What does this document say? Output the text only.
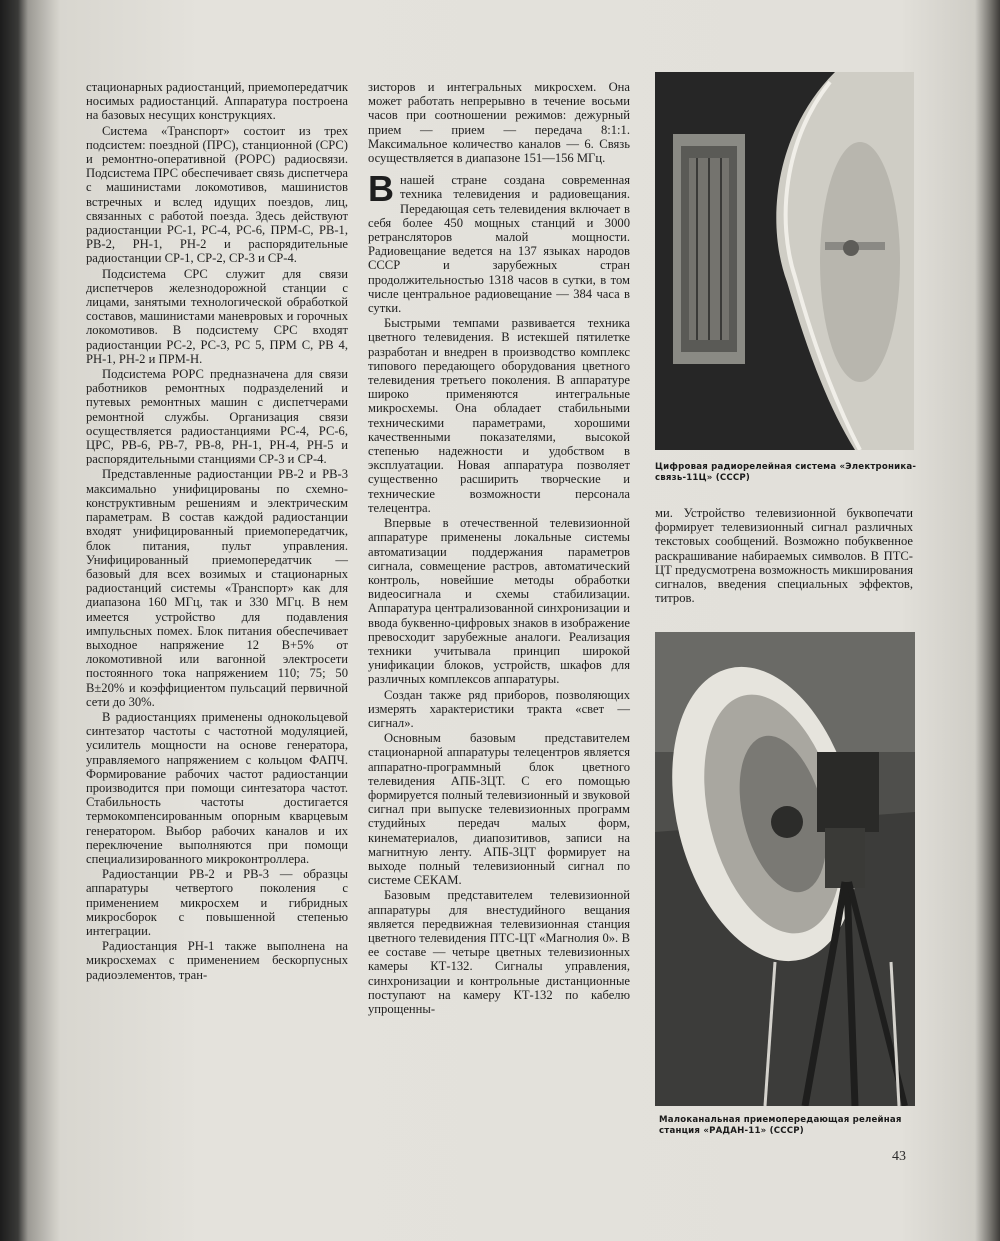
стационарных радиостанций, приемопередатчик носимых радиостанций. Аппаратура построена на базовых несущих конструкциях.

Система «Транспорт» состоит из трех подсистем: поездной (ПРС), станционной (СРС) и ремонтно-оперативной (РОРС) радиосвязи. Подсистема ПРС обеспечивает связь диспетчера с машинистами локомотивов, машинистов встречных и вслед идущих поездов, лиц, связанных с работой поезда. Здесь действуют радиостанции РС-1, РС-4, РС-6, ПРМ-С, РВ-1, РВ-2, РН-1, РН-2 и распорядительные радиостанции СР-1, СР-2, СР-3 и СР-4.

Подсистема СРС служит для связи диспетчеров железнодорожной станции с лицами, занятыми технологической обработкой составов, машинистами маневровых и горочных локомотивов. В подсистему СРС входят радиостанции РС-2, РС-3, РС 5, ПРМ С, РВ 4, РН-1, РН-2 и ПРМ-Н.

Подсистема РОРС предназначена для связи работников ремонтных подразделений и путевых ремонтных машин с диспетчерами ремонтной службы. Организация связи осуществляется радиостанциями РС-4, РС-6, ЦРС, РВ-6, РВ-7, РВ-8, РН-1, РН-4, РН-5 и распорядительными станциями СР-3 и СР-4.

Представленные радиостанции РВ-2 и РВ-3 максимально унифицированы по схемно-конструктивным решениям и электрическим параметрам. В состав каждой радиостанции входят унифицированный приемопередатчик, блок питания, пульт управления. Унифицированный приемопередатчик — базовый для всех возимых и стационарных радиостанций системы «Транспорт» как для диапазона 160 МГц, так и 330 МГц. В нем имеется устройство для подавления импульсных помех. Блок питания обеспечивает выходное напряжение 12 В+5% от локомотивной или вагонной электросети постоянного тока напряжением 110; 75; 50 В±20% и коэффициентом пульсаций первичной сети до 30%.

В радиостанциях применены однокольцевой синтезатор частоты с частотной модуляцией, усилитель мощности на основе генератора, управляемого напряжением с кольцом ФАПЧ. Формирование рабочих частот радиостанции производится при помощи синтезатора частот. Стабильность частоты достигается термокомпенсированным опорным кварцевым генератором. Выбор рабочих каналов и их переключение выполняются при помощи специализированного микроконтроллера.

Радиостанции РВ-2 и РВ-3 — образцы аппаратуры четвертого поколения с применением микросхем и гибридных микросборок с повышенной степенью интеграции.

Радиостанция РН-1 также выполнена на микросхемах с применением бескорпусных радиоэлементов, тран-

зисторов и интегральных микросхем. Она может работать непрерывно в течение восьми часов при соотношении режимов: дежурный прием — прием — передача 8:1:1. Максимальное количество каналов — 6. Связь осуществляется в диапазоне 151—156 МГц.

Внашей стране создана современная техника телевидения и радиовещания. Передающая сеть телевидения включает в себя более 450 мощных станций и 3000 ретрансляторов малой мощности. Радиовещание ведется на 137 языках народов СССР и зарубежных стран продолжительностью 1318 часов в сутки, в том числе центральное радиовещание — 384 часа в сутки.

Быстрыми темпами развивается техника цветного телевидения. В истекшей пятилетке разработан и внедрен в производство комплекс типового передающего оборудования цветного телевидения третьего поколения. В аппаратуре широко применяются интегральные микросхемы. Она обладает стабильными техническими параметрами, хорошими качественными показателями, высокой степенью надежности и удобством в эксплуатации. Новая аппаратура позволяет существенно расширить творческие и технические возможности персонала телецентра.

Впервые в отечественной телевизионной аппаратуре применены локальные системы автоматизации поддержания параметров сигнала, совмещение растров, автоматический контроль, новейшие методы обработки видеосигнала и схемы стабилизации. Аппаратура централизованной синхронизации и ввода буквенно-цифровых знаков в изображение превосходит зарубежные аналоги. Реализация техники учитывала принцип широкой унификации блоков, устройств, шкафов для различных комплексов аппаратуры.

Создан также ряд приборов, позволяющих измерять характеристики тракта «свет — сигнал».

Основным базовым представителем стационарной аппаратуры телецентров является аппаратно-программный блок цветного телевидения АПБ-3ЦТ. С его помощью формируется полный телевизионный и звуковой сигнал при выпуске телевизионных программ студийных передач малых форм, кинематериалов, диапозитивов, записи на магнитную ленту. АПБ-3ЦТ формирует на выходе полный телевизионный сигнал по системе СЕКАМ.

Базовым представителем телевизионной аппаратуры для внестудийного вещания является передвижная телевизионная станция цветного телевидения ПТС-ЦТ «Магнолия 0». В ее составе — четыре цветных телевизионных камеры КТ-132. Сигналы управления, синхронизации и контрольные дистанционные поступают на камеру КТ-132 по кабелю упрощенны-

Цифровая радиорелейная система «Электроника-связь-11Ц» (СССР)

ми. Устройство телевизионной буквопечати формирует телевизионный сигнал различных текстовых сообщений. Возможно побуквенное раскрашивание набираемых символов. В ПТС-ЦТ предусмотрена возможность микширования сигналов, введения специальных эффектов, титров.

Малоканальная приемопередающая релейная станция «РАДАН-11» (СССР)
43
